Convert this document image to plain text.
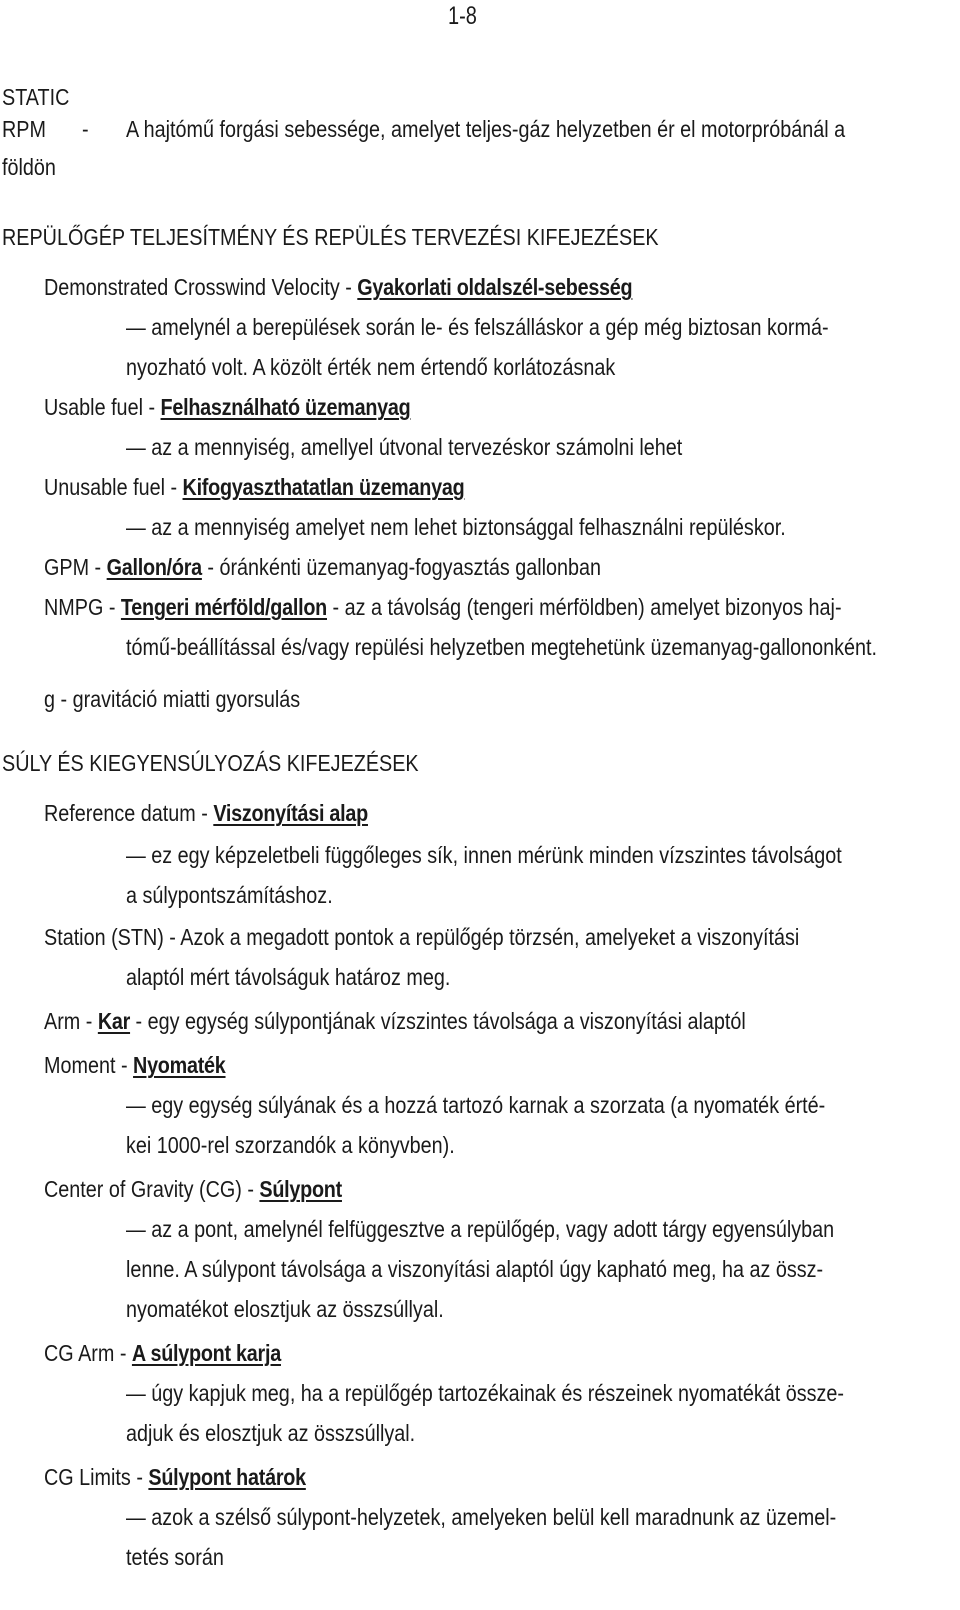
1-8
STATIC
RPM - A hajtómű forgási sebessége, amelyet teljes-gáz helyzetben ér el motorpróbánál a
földön
REPÜLŐGÉP TELJESÍTMÉNY ÉS REPÜLÉS TERVEZÉSI KIFEJEZÉSEK
Demonstrated Crosswind Velocity - Gyakorlati oldalszél-sebesség
— amelynél a berepülések során le- és felszálláskor a gép még biztosan kormá-
nyozható volt. A közölt érték nem értendő korlátozásnak
Usable fuel - Felhasználható üzemanyag
— az a mennyiség, amellyel útvonal tervezéskor számolni lehet
Unusable fuel - Kifogyaszthatatlan üzemanyag
— az a mennyiség amelyet nem lehet biztonsággal felhasználni repüléskor.
GPM - Gallon/óra - óránkénti üzemanyag-fogyasztás gallonban
NMPG - Tengeri mérföld/gallon - az a távolság (tengeri mérföldben) amelyet bizonyos haj-
tómű-beállítással és/vagy repülési helyzetben megtehetünk üzemanyag-gallononként.
g - gravitáció miatti gyorsulás
SÚLY ÉS KIEGYENSÚLYOZÁS KIFEJEZÉSEK
Reference datum - Viszonyítási alap
— ez egy képzeletbeli függőleges sík, innen mérünk minden vízszintes távolságot
a súlypontszámításhoz.
Station (STN) - Azok a megadott pontok a repülőgép törzsén, amelyeket a viszonyítási
alaptól mért távolságuk határoz meg.
Arm - Kar - egy egység súlypontjának vízszintes távolsága a viszonyítási alaptól
Moment - Nyomaték
— egy egység súlyának és a hozzá tartozó karnak a szorzata (a nyomaték érté-
kei 1000-rel szorzandók a könyvben).
Center of Gravity (CG) - Súlypont
— az a pont, amelynél felfüggesztve a repülőgép, vagy adott tárgy egyensúlyban
lenne. A súlypont távolsága a viszonyítási alaptól úgy kapható meg, ha az össz-
nyomatékot elosztjuk az összsúllyal.
CG Arm - A súlypont karja
— úgy kapjuk meg, ha a repülőgép tartozékainak és részeinek nyomatékát össze-
adjuk és elosztjuk az összsúllyal.
CG Limits - Súlypont határok
— azok a szélső súlypont-helyzetek, amelyeken belül kell maradnunk az üzemel-
tetés során
